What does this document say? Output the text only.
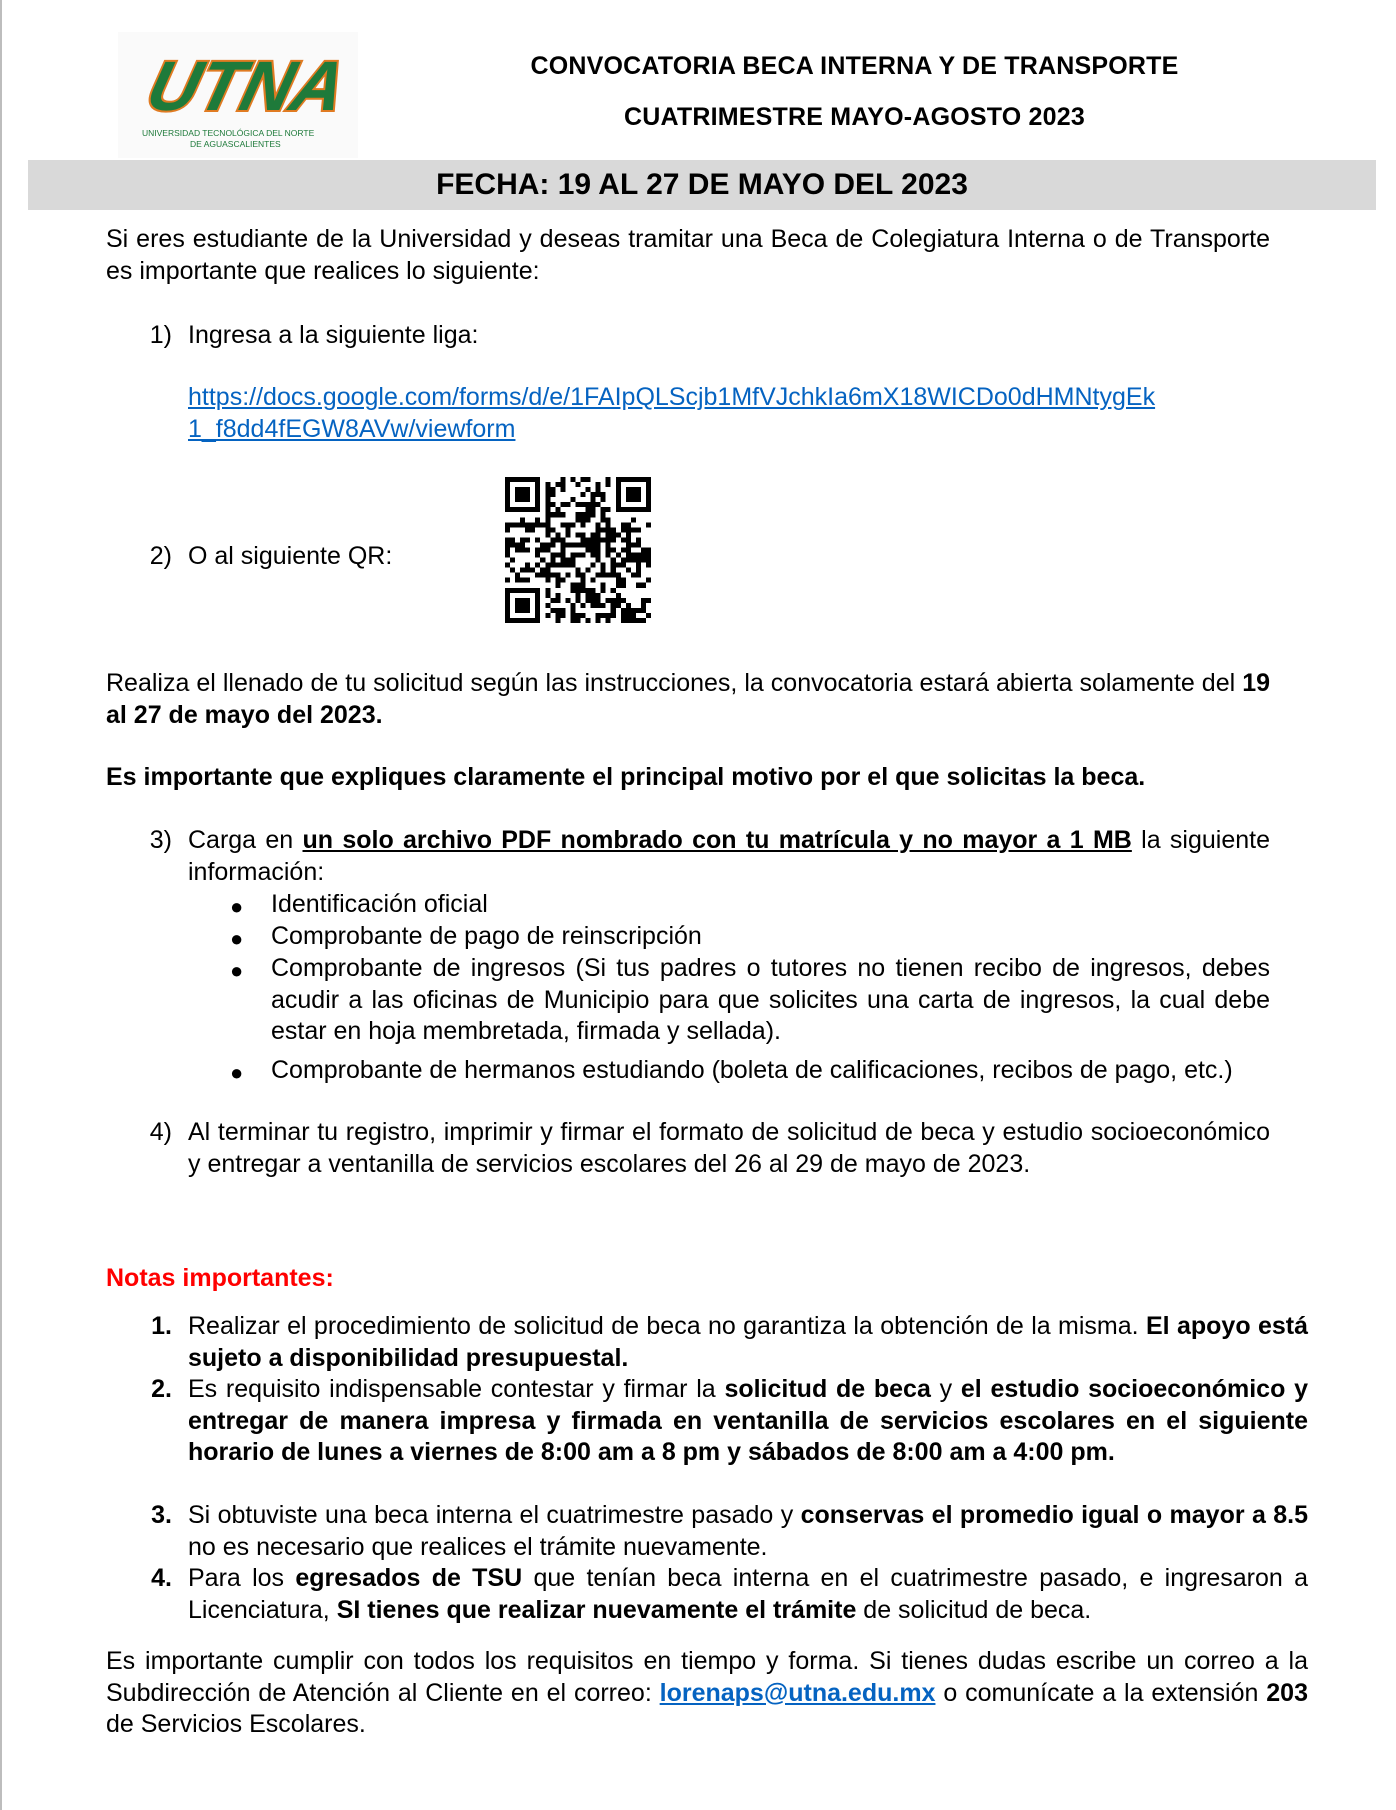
UTNA
UNIVERSIDAD TECNOLÓGICA DEL NORTE
DE AGUASCALIENTES
CONVOCATORIA BECA INTERNA Y DE TRANSPORTE
CUATRIMESTRE MAYO-AGOSTO 2023
FECHA: 19 AL 27 DE MAYO DEL 2023
Si eres estudiante de la Universidad y deseas tramitar una Beca de Colegiatura Interna o de Transporte es importante que realices lo siguiente:
1) Ingresa a la siguiente liga:
https://docs.google.com/forms/d/e/1FAIpQLScjb1MfVJchkIa6mX18WICDo0dHMNtygEk
1_f8dd4fEGW8AVw/viewform
2) O al siguiente QR:
Realiza el llenado de tu solicitud según las instrucciones, la convocatoria estará abierta solamente del 19 al 27 de mayo del 2023.
Es importante que expliques claramente el principal motivo por el que solicitas la beca.
3) Carga en un solo archivo PDF nombrado con tu matrícula y no mayor a 1 MB la siguiente información:
● Identificación oficial
● Comprobante de pago de reinscripción
● Comprobante de ingresos (Si tus padres o tutores no tienen recibo de ingresos, debes acudir a las oficinas de Municipio para que solicites una carta de ingresos, la cual debe estar en hoja membretada, firmada y sellada).
● Comprobante de hermanos estudiando (boleta de calificaciones, recibos de pago, etc.)
4) Al terminar tu registro, imprimir y firmar el formato de solicitud de beca y estudio socioeconómico y entregar a ventanilla de servicios escolares del 26 al 29 de mayo de 2023.
Notas importantes:
1. Realizar el procedimiento de solicitud de beca no garantiza la obtención de la misma. El apoyo está sujeto a disponibilidad presupuestal.
2. Es requisito indispensable contestar y firmar la solicitud de beca y el estudio socioeconómico y entregar de manera impresa y firmada en ventanilla de servicios escolares en el siguiente horario de lunes a viernes de 8:00 am a 8 pm y sábados de 8:00 am a 4:00 pm.
3. Si obtuviste una beca interna el cuatrimestre pasado y conservas el promedio igual o mayor a 8.5 no es necesario que realices el trámite nuevamente.
4. Para los egresados de TSU que tenían beca interna en el cuatrimestre pasado, e ingresaron a Licenciatura, SI tienes que realizar nuevamente el trámite de solicitud de beca.
Es importante cumplir con todos los requisitos en tiempo y forma. Si tienes dudas escribe un correo a la Subdirección de Atención al Cliente en el correo: lorenaps@utna.edu.mx o comunícate a la extensión 203 de Servicios Escolares.
